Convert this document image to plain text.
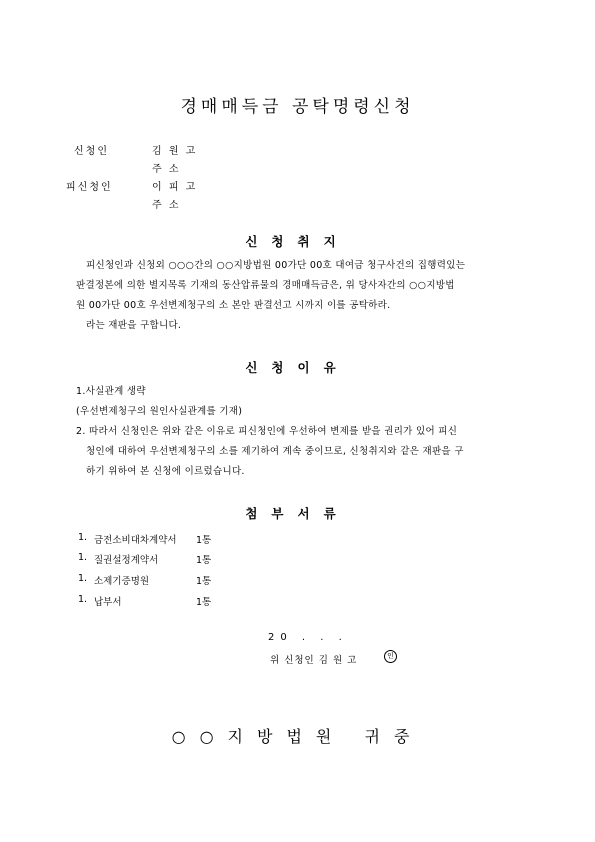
경매매득금 공탁명령신청
신청인	김 원 고
주 소
피신청인	이 피 고
주 소
신청취지
피신청인과 신청외 ○○○간의 ○○지방법원 00가단 00호 대여금 청구사건의 집행력있는
판결정본에 의한 별지목록 기재의 동산압류물의 경매매득금은, 위 당사자간의 ○○지방법
원 00가단 00호 우선변제청구의 소 본안 판결선고 시까지 이를 공탁하라.
라는 재판을 구합니다.
신청이유
1.사실관계 생략
(우선변제청구의 원인사실관계를 기재)
2. 따라서 신청인은 위와 같은 이유로 피신청인에 우선하여 변제를 받을 권리가 있어 피신
청인에 대하여 우선변제청구의 소를 제기하여 계속 중이므로, 신청취지와 같은 재판을 구
하기 위하여 본 신청에 이르렀습니다.
첨부서류
1. 금전소비대차계약서 1통
1. 질권설정계약서	1통
1. 소제기증명원	1통
1. 납부서	1통
20 . . .
위 신청인 김 원 고	인
○○지방법원 귀중
